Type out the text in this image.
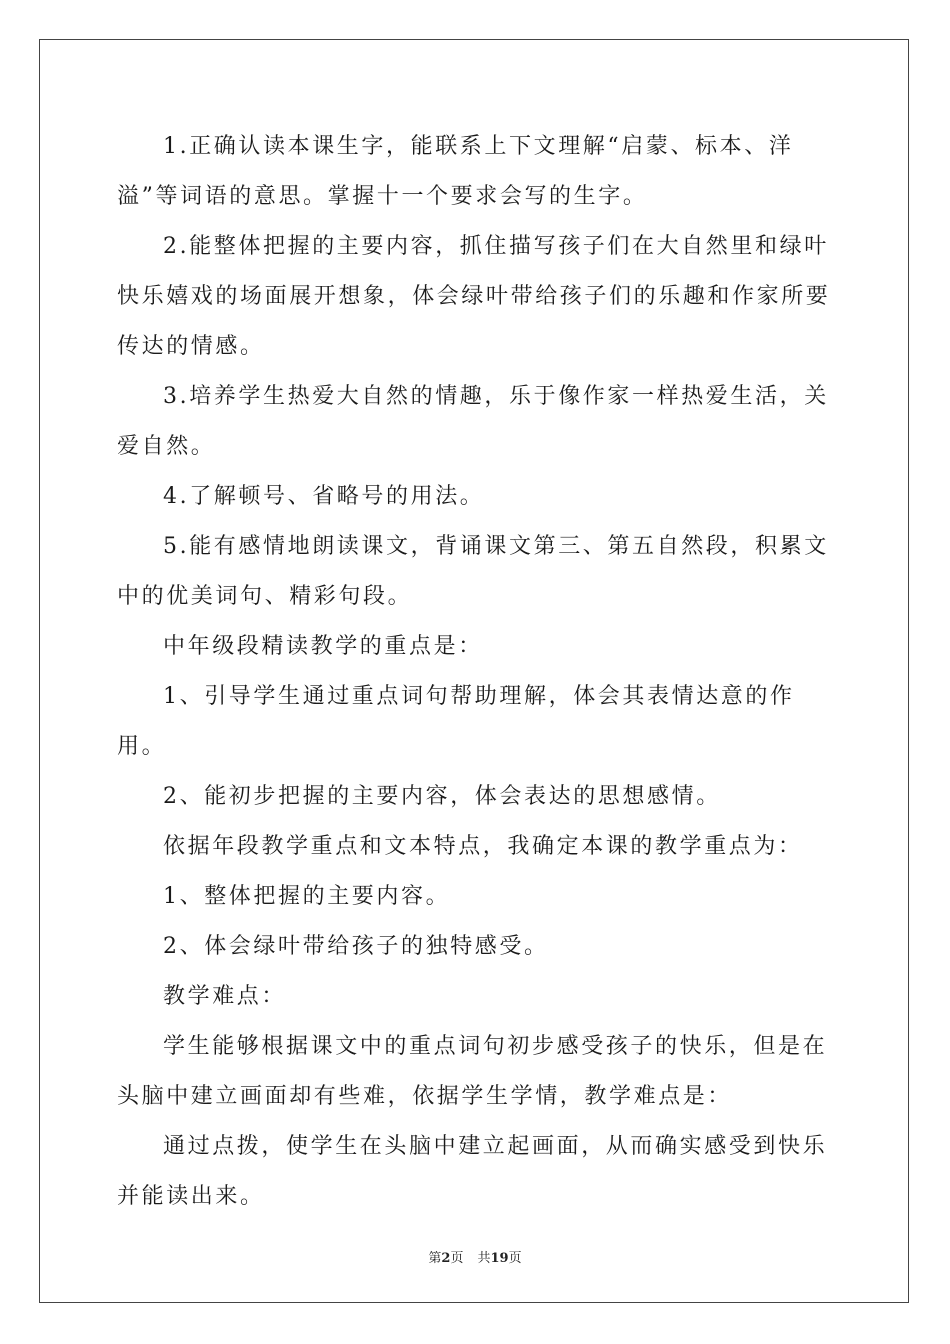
1.正确认读本课生字，能联系上下文理解“启蒙、标本、洋溢”等词语的意思。掌握十一个要求会写的生字。

2.能整体把握的主要内容，抓住描写孩子们在大自然里和绿叶快乐嬉戏的场面展开想象，体会绿叶带给孩子们的乐趣和作家所要传达的情感。

3.培养学生热爱大自然的情趣，乐于像作家一样热爱生活，关爱自然。

4.了解顿号、省略号的用法。

5.能有感情地朗读课文，背诵课文第三、第五自然段，积累文中的优美词句、精彩句段。

中年级段精读教学的重点是：

1、引导学生通过重点词句帮助理解，体会其表情达意的作用。

2、能初步把握的主要内容，体会表达的思想感情。

依据年段教学重点和文本特点，我确定本课的教学重点为：

1、整体把握的主要内容。

2、体会绿叶带给孩子的独特感受。

教学难点：

学生能够根据课文中的重点词句初步感受孩子的快乐，但是在头脑中建立画面却有些难，依据学生学情，教学难点是：

通过点拨，使学生在头脑中建立起画面，从而确实感受到快乐并能读出来。

第2页 共19页
